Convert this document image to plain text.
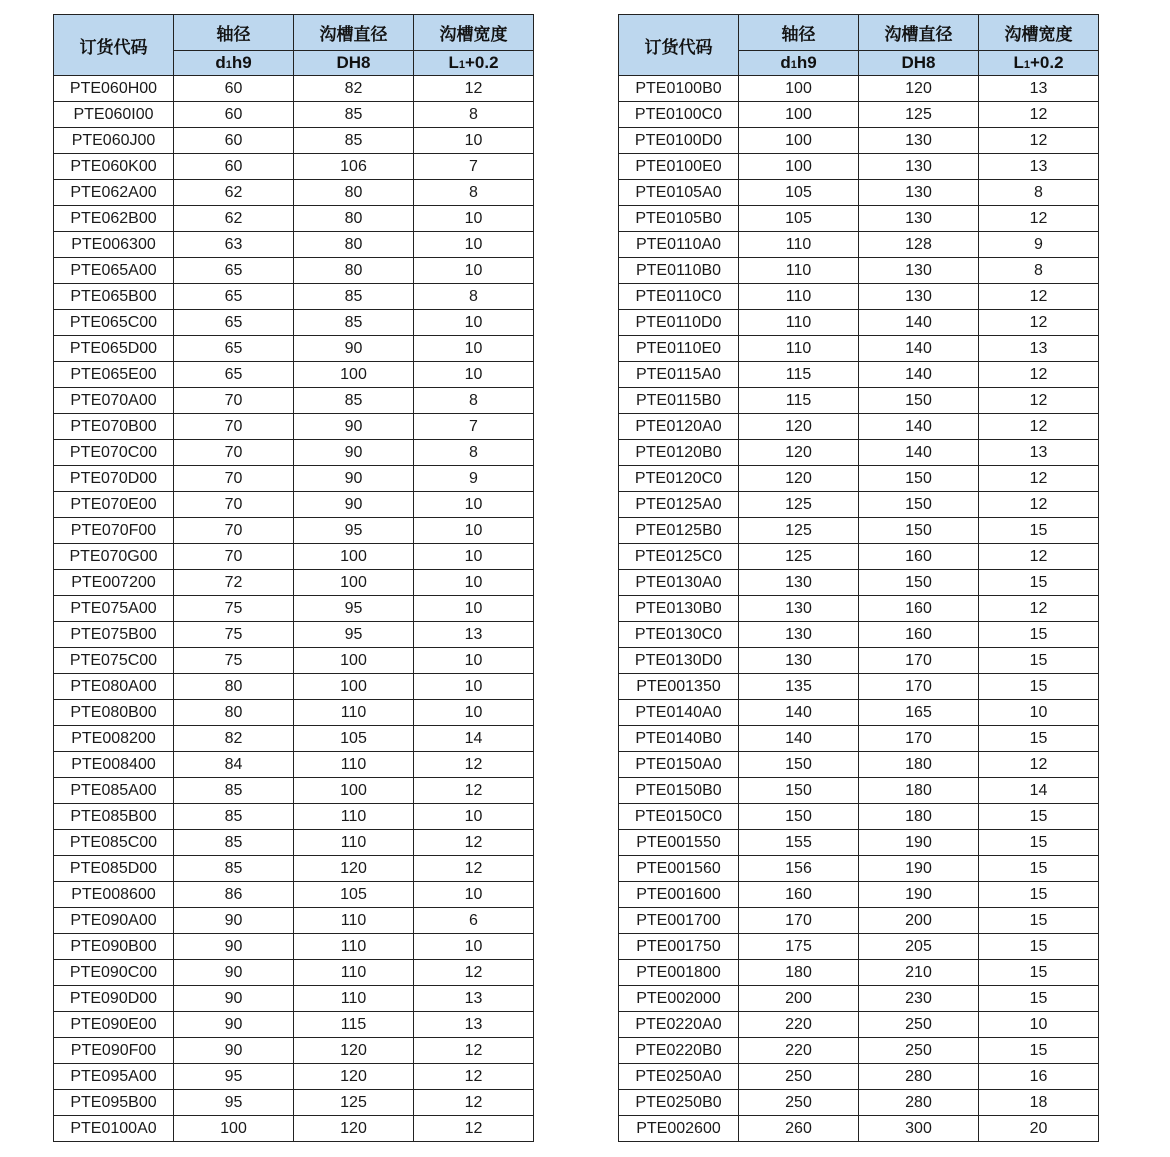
订货代码	轴径	沟槽直径	沟槽宽度
	d1h9	DH8	L1+0.2
PTE060H00	60	82	12
PTE060I00	60	85	8
PTE060J00	60	85	10
PTE060K00	60	106	7
PTE062A00	62	80	8
PTE062B00	62	80	10
PTE006300	63	80	10
PTE065A00	65	80	10
PTE065B00	65	85	8
PTE065C00	65	85	10
PTE065D00	65	90	10
PTE065E00	65	100	10
PTE070A00	70	85	8
PTE070B00	70	90	7
PTE070C00	70	90	8
PTE070D00	70	90	9
PTE070E00	70	90	10
PTE070F00	70	95	10
PTE070G00	70	100	10
PTE007200	72	100	10
PTE075A00	75	95	10
PTE075B00	75	95	13
PTE075C00	75	100	10
PTE080A00	80	100	10
PTE080B00	80	110	10
PTE008200	82	105	14
PTE008400	84	110	12
PTE085A00	85	100	12
PTE085B00	85	110	10
PTE085C00	85	110	12
PTE085D00	85	120	12
PTE008600	86	105	10
PTE090A00	90	110	6
PTE090B00	90	110	10
PTE090C00	90	110	12
PTE090D00	90	110	13
PTE090E00	90	115	13
PTE090F00	90	120	12
PTE095A00	95	120	12
PTE095B00	95	125	12
PTE0100A0	100	120	12
订货代码	轴径	沟槽直径	沟槽宽度
	d1h9	DH8	L1+0.2
PTE0100B0	100	120	13
PTE0100C0	100	125	12
PTE0100D0	100	130	12
PTE0100E0	100	130	13
PTE0105A0	105	130	8
PTE0105B0	105	130	12
PTE0110A0	110	128	9
PTE0110B0	110	130	8
PTE0110C0	110	130	12
PTE0110D0	110	140	12
PTE0110E0	110	140	13
PTE0115A0	115	140	12
PTE0115B0	115	150	12
PTE0120A0	120	140	12
PTE0120B0	120	140	13
PTE0120C0	120	150	12
PTE0125A0	125	150	12
PTE0125B0	125	150	15
PTE0125C0	125	160	12
PTE0130A0	130	150	15
PTE0130B0	130	160	12
PTE0130C0	130	160	15
PTE0130D0	130	170	15
PTE001350	135	170	15
PTE0140A0	140	165	10
PTE0140B0	140	170	15
PTE0150A0	150	180	12
PTE0150B0	150	180	14
PTE0150C0	150	180	15
PTE001550	155	190	15
PTE001560	156	190	15
PTE001600	160	190	15
PTE001700	170	200	15
PTE001750	175	205	15
PTE001800	180	210	15
PTE002000	200	230	15
PTE0220A0	220	250	10
PTE0220B0	220	250	15
PTE0250A0	250	280	16
PTE0250B0	250	280	18
PTE002600	260	300	20
